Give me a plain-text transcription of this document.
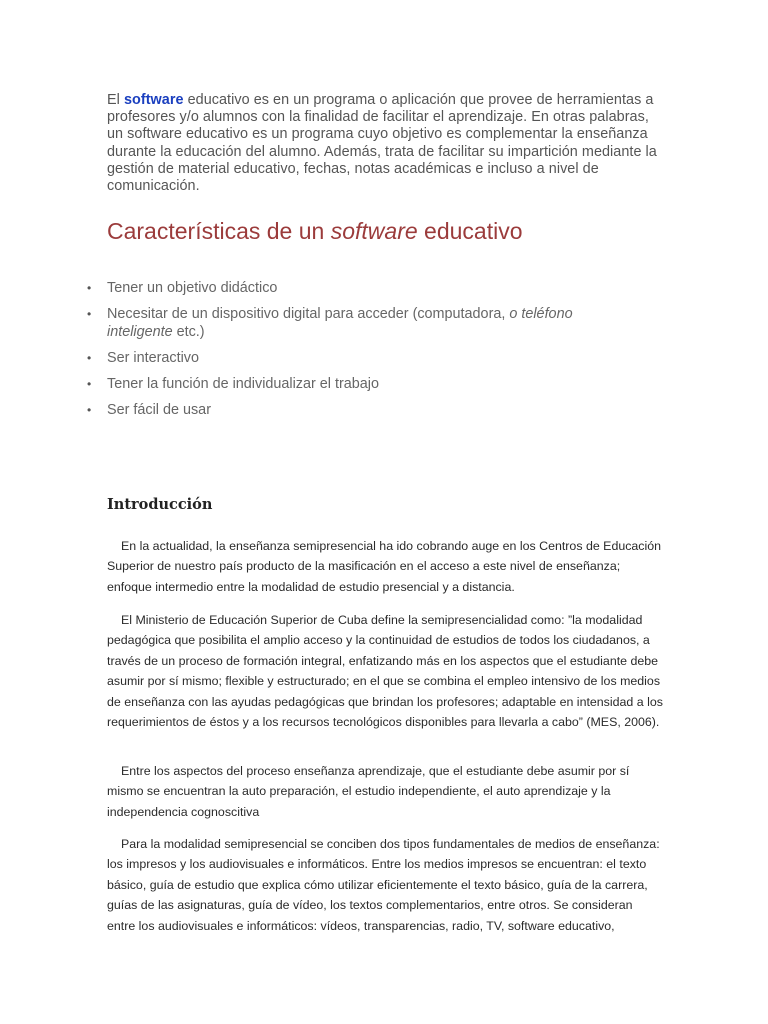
El software educativo es en un programa o aplicación que provee de herramientas a profesores y/o alumnos con la finalidad de facilitar el aprendizaje. En otras palabras, un software educativo es un programa cuyo objetivo es complementar la enseñanza durante la educación del alumno. Además, trata de facilitar su impartición mediante la gestión de material educativo, fechas, notas académicas e incluso a nivel de comunicación.

Características de un software educativo
• Tener un objetivo didáctico
• Necesitar de un dispositivo digital para acceder (computadora, o teléfono inteligente etc.)
• Ser interactivo
• Tener la función de individualizar el trabajo
• Ser fácil de usar
Introducción

En la actualidad, la enseñanza semipresencial ha ido cobrando auge en los Centros de Educación Superior de nuestro país producto de la masificación en el acceso a este nivel de enseñanza; enfoque intermedio entre la modalidad de estudio presencial y a distancia.

El Ministerio de Educación Superior de Cuba define la semipresencialidad como: ”la modalidad pedagógica que posibilita el amplio acceso y la continuidad de estudios de todos los ciudadanos, a través de un proceso de formación integral, enfatizando más en los aspectos que el estudiante debe asumir por sí mismo; flexible y estructurado; en el que se combina el empleo intensivo de los medios de enseñanza con las ayudas pedagógicas que brindan los profesores; adaptable en intensidad a los requerimientos de éstos y a los recursos tecnológicos disponibles para llevarla a cabo” (MES, 2006).

Entre los aspectos del proceso enseñanza aprendizaje, que el estudiante debe asumir por sí mismo se encuentran la auto preparación, el estudio independiente, el auto aprendizaje y la independencia cognoscitiva

Para la modalidad semipresencial se conciben dos tipos fundamentales de medios de enseñanza: los impresos y los audiovisuales e informáticos. Entre los medios impresos se encuentran: el texto básico, guía de estudio que explica cómo utilizar eficientemente el texto básico, guía de la carrera, guías de las asignaturas, guía de vídeo, los textos complementarios, entre otros. Se consideran entre los audiovisuales e informáticos: vídeos, transparencias, radio, TV, software educativo,
